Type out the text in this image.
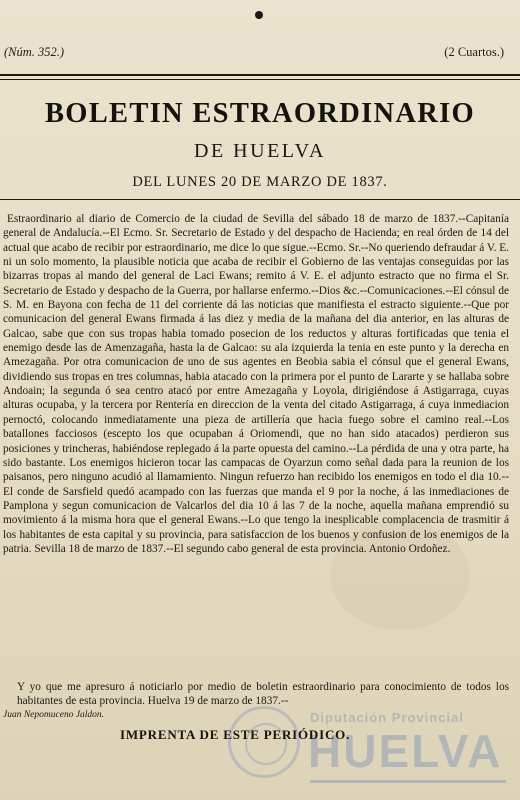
(Núm. 352.)	(2 Cuartos.)
BOLETIN ESTRAORDINARIO
DE HUELVA
DEL LUNES 20 DE MARZO DE 1837.

Estraordinario al diario de Comercio de la ciudad de Sevilla del sábado 18 de marzo de 1837.--Capitanía general de Andalucía.--El Ecmo. Sr. Secretario de Estado y del despacho de Hacienda; en real órden de 14 del actual que acabo de recibir por estraordinario, me dice lo que sigue.--Ecmo. Sr.--No queriendo defraudar á V. E. ni un solo momento, la plausible noticia que acaba de recibir el Gobierno de las ventajas conseguidas por las bizarras tropas al mando del general de Laci Ewans; remito á V. E. el adjunto estracto que no firma el Sr. Secretario de Estado y despacho de la Guerra, por hallarse enfermo.--Dios &c.--Comunicaciones.--El cónsul de S. M. en Bayona con fecha de 11 del corriente dá las noticias que manifiesta el estracto siguiente.--Que por comunicacion del general Ewans firmada á las diez y media de la mañana del dia anterior, en las alturas de Galcao, sabe que con sus tropas habia tomado posecion de los reductos y alturas fortificadas que tenia el enemigo desde las de Amenzagaña, hasta la de Galcao: su ala izquierda la tenia en este punto y la derecha en Amezagaña. Por otra comunicacion de uno de sus agentes en Beobia sabia el cónsul que el general Ewans, dividiendo sus tropas en tres columnas, habia atacado con la primera por el punto de Lararte y se hallaba sobre Andoain; la segunda ó sea centro atacó por entre Amezagaña y Loyola, dirigiéndose á Astigarraga, cuyas alturas ocupaba, y la tercera por Rentería en direccion de la venta del citado Astigarraga, á cuya inmediacion pernoctó, colocando inmediatamente una pieza de artillería que hacia fuego sobre el camino real.--Los batallones facciosos (escepto los que ocupaban á Oriomendi, que no han sido atacados) perdieron sus posiciones y trincheras, habiéndose replegado á la parte opuesta del camino.--La pérdida de una y otra parte, ha sido bastante. Los enemigos hicieron tocar las campacas de Oyarzun como señal dada para la reunion de los paisanos, pero ninguno acudió al llamamiento. Ningun refuerzo han recibido los enemigos en todo el dia 10.--El conde de Sarsfield quedó acampado con las fuerzas que manda el 9 por la noche, á las inmediaciones de Pamplona y segun comunicacion de Valcarlos del dia 10 á las 7 de la noche, aquella mañana emprendió su movimiento á la misma hora que el general Ewans.--Lo que tengo la inesplicable complacencia de trasmitir á los habitantes de esta capital y su provincia, para satisfaccion de los buenos y confusion de los enemigos de la patria. Sevilla 18 de marzo de 1837.--El segundo cabo general de esta provincia. Antonio Ordoñez.

Y yo que me apresuro á noticiarlo por medio de boletin estraordinario para conocimiento de todos los habitantes de esta provincia. Huelva 19 de marzo de 1837.--

Juan Nepomuceno Jaldon.	Diputación Provincial
HUELVA
IMPRENTA DE ESTE PERIÓDICO.
